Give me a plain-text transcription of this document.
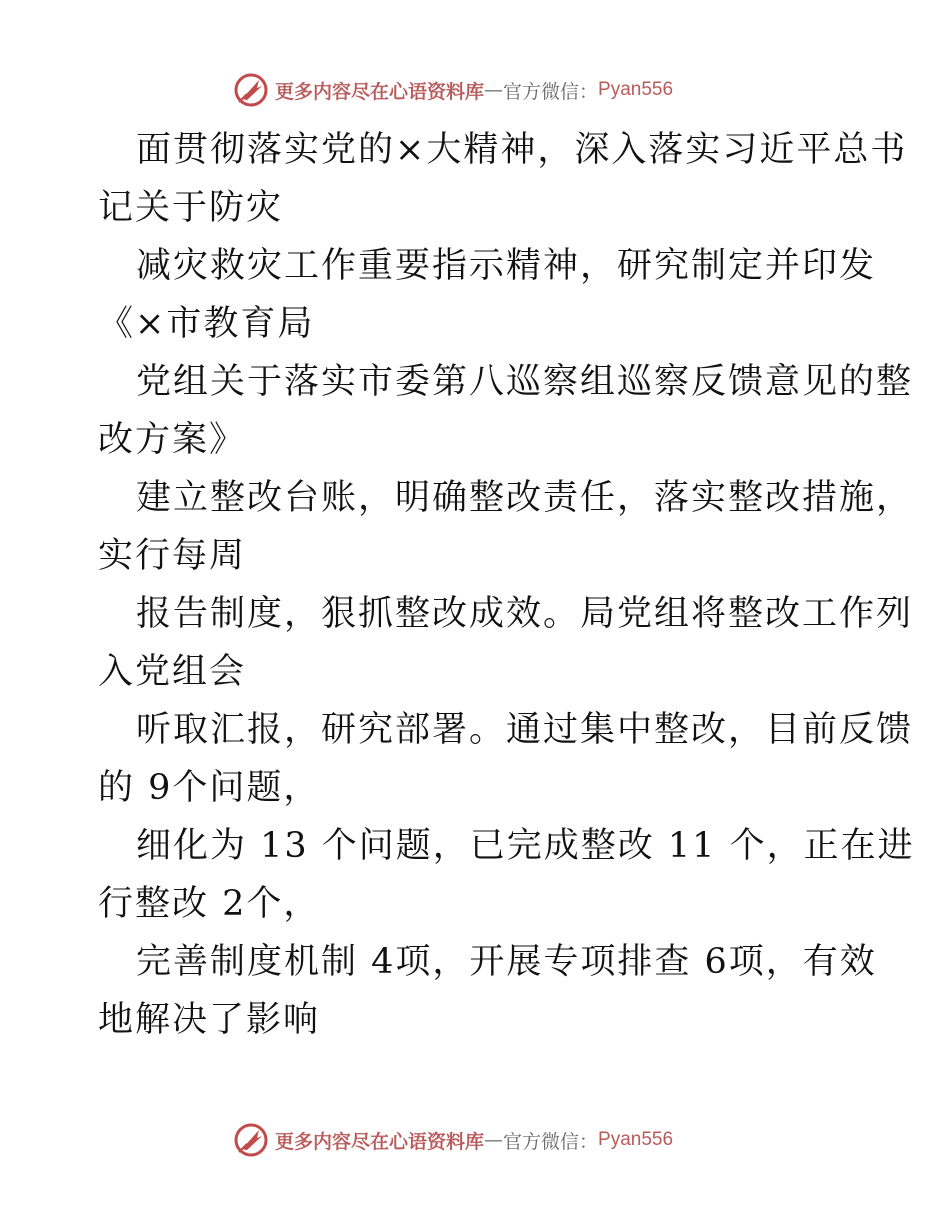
更多内容尽在心语资料库 — 官方微信： Pyan556
面贯彻落实党的×大精神，深入落实习近平总书
记关于防灾
减灾救灾工作重要指示精神，研究制定并印发
《×市教育局
党组关于落实市委第八巡察组巡察反馈意见的整
改方案》
建立整改台账，明确整改责任，落实整改措施，
实行每周
报告制度，狠抓整改成效。局党组将整改工作列
入党组会
听取汇报，研究部署。通过集中整改，目前反馈
的 9个问题，
细化为 13 个问题，已完成整改 11 个，正在进
行整改 2个，
完善制度机制 4项，开展专项排查 6项，有效
地解决了影响
更多内容尽在心语资料库 — 官方微信： Pyan556
